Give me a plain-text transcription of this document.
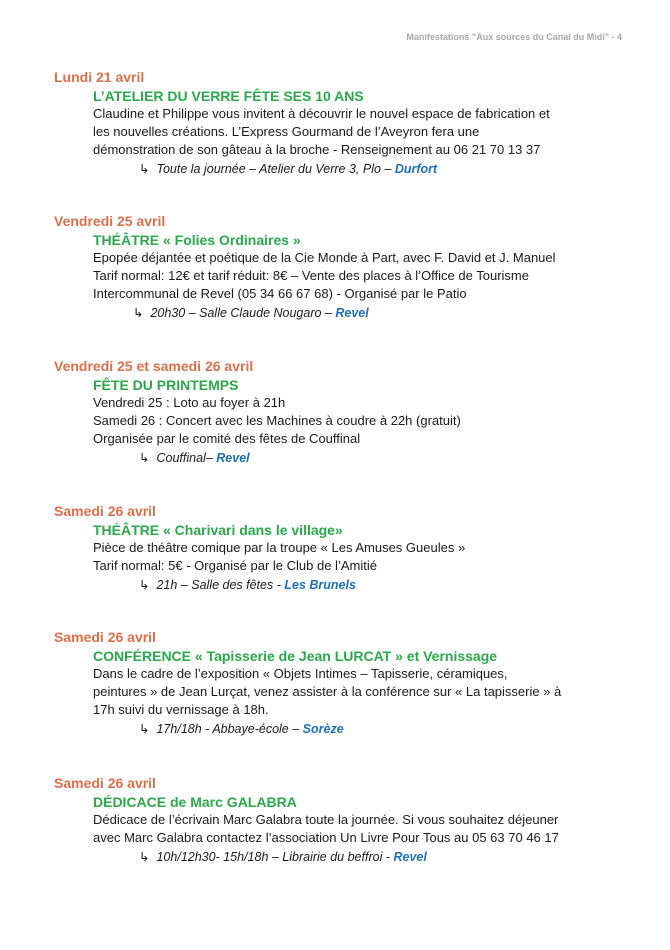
Manifestations "Aux sources du Canal du Midi" - 4
Lundi 21 avril
L’ATELIER DU VERRE FÊTE SES 10 ANS
Claudine et Philippe vous invitent à découvrir le nouvel espace de fabrication et
les nouvelles créations. L’Express Gourmand de l’Aveyron fera une
démonstration de son gâteau à la broche - Renseignement au 06 21 70 13 37
↳ Toute la journée – Atelier du Verre 3, Plo – Durfort
Vendredi 25 avril
THÉÂTRE « Folies Ordinaires »
Epopée déjantée et poétique de la Cie Monde à Part, avec F. David et J. Manuel
Tarif normal: 12€ et tarif réduit: 8€ – Vente des places à l’Office de Tourisme
Intercommunal de Revel (05 34 66 67 68) - Organisé par le Patio
↳ 20h30 – Salle Claude Nougaro – Revel
Vendredi 25 et samedi 26 avril
FÊTE DU PRINTEMPS
Vendredi 25 : Loto au foyer à 21h
Samedi 26 : Concert avec les Machines à coudre à 22h (gratuit)
Organisée par le comité des fêtes de Couffinal
↳ Couffinal– Revel
Samedi 26 avril
THÉÂTRE « Charivari dans le village»
Pièce de théâtre comique par la troupe « Les Amuses Gueules »
Tarif normal: 5€ - Organisé par le Club de l’Amitié
↳ 21h – Salle des fêtes - Les Brunels
Samedi 26 avril
CONFÉRENCE « Tapisserie de Jean LURCAT » et Vernissage
Dans le cadre de l’exposition « Objets Intimes – Tapisserie, céramiques,
peintures » de Jean Lurçat, venez assister à la conférence sur « La tapisserie » à
17h suivi du vernissage à 18h.
↳ 17h/18h - Abbaye-école – Sorèze
Samedi 26 avril
DÉDICACE de Marc GALABRA
Dédicace de l’écrivain Marc Galabra toute la journée. Si vous souhaitez déjeuner
avec Marc Galabra contactez l’association Un Livre Pour Tous au 05 63 70 46 17
↳ 10h/12h30- 15h/18h – Librairie du beffroi - Revel
